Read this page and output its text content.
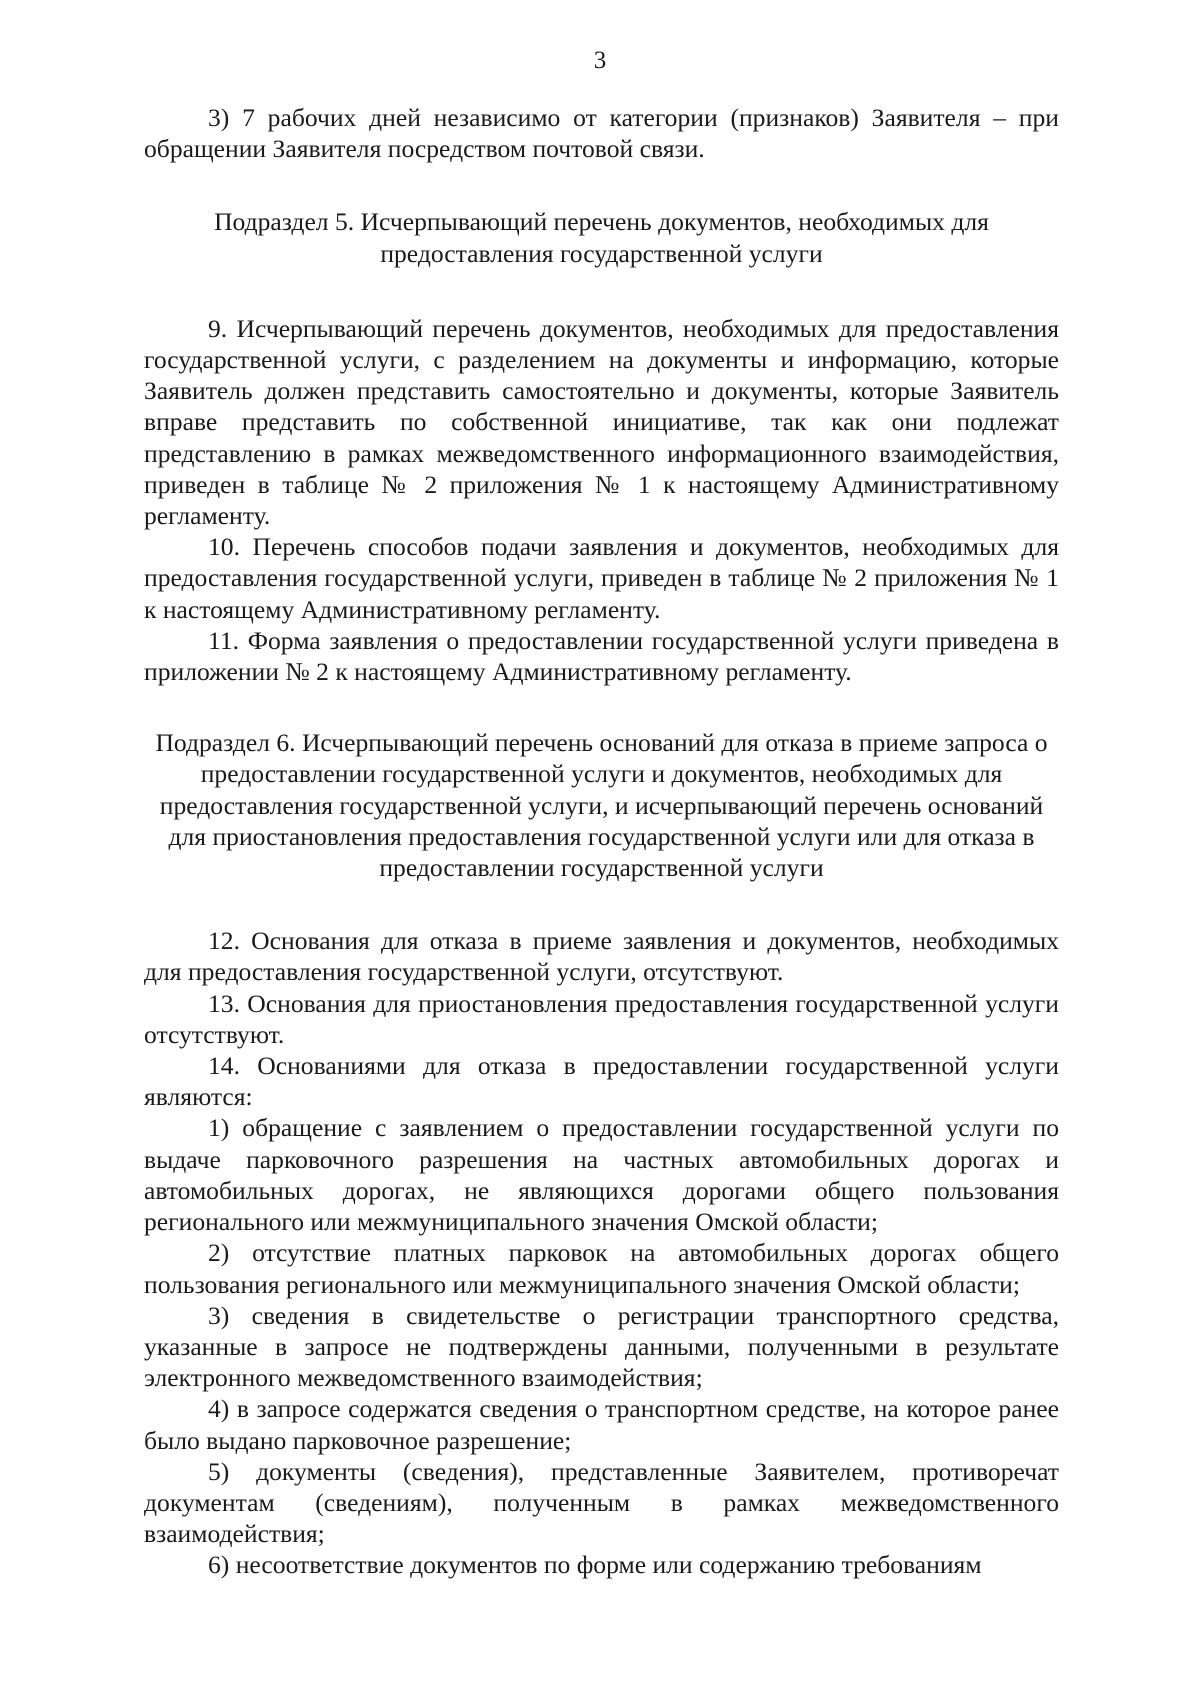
3

3) 7 рабочих дней независимо от категории (признаков) Заявителя – при обращении Заявителя посредством почтовой связи.

Подраздел 5. Исчерпывающий перечень документов, необходимых для предоставления государственной услуги

9. Исчерпывающий перечень документов, необходимых для предоставления государственной услуги, с разделением на документы и информацию, которые Заявитель должен представить самостоятельно и документы, которые Заявитель вправе представить по собственной инициативе, так как они подлежат представлению в рамках межведомственного информационного взаимодействия, приведен в таблице № 2 приложения № 1 к настоящему Административному регламенту.

10. Перечень способов подачи заявления и документов, необходимых для предоставления государственной услуги, приведен в таблице № 2 приложения № 1 к настоящему Административному регламенту.

11. Форма заявления о предоставлении государственной услуги приведена в приложении № 2 к настоящему Административному регламенту.

Подраздел 6. Исчерпывающий перечень оснований для отказа в приеме запроса о предоставлении государственной услуги и документов, необходимых для предоставления государственной услуги, и исчерпывающий перечень оснований для приостановления предоставления государственной услуги или для отказа в предоставлении государственной услуги

12. Основания для отказа в приеме заявления и документов, необходимых для предоставления государственной услуги, отсутствуют.

13. Основания для приостановления предоставления государственной услуги отсутствуют.

14. Основаниями для отказа в предоставлении государственной услуги являются:

1) обращение с заявлением о предоставлении государственной услуги по выдаче парковочного разрешения на частных автомобильных дорогах и автомобильных дорогах, не являющихся дорогами общего пользования регионального или межмуниципального значения Омской области;

2) отсутствие платных парковок на автомобильных дорогах общего пользования регионального или межмуниципального значения Омской области;

3) сведения в свидетельстве о регистрации транспортного средства, указанные в запросе не подтверждены данными, полученными в результате электронного межведомственного взаимодействия;

4) в запросе содержатся сведения о транспортном средстве, на которое ранее было выдано парковочное разрешение;

5) документы (сведения), представленные Заявителем, противоречат документам (сведениям), полученным в рамках межведомственного взаимодействия;

6) несоответствие документов по форме или содержанию требованиям
